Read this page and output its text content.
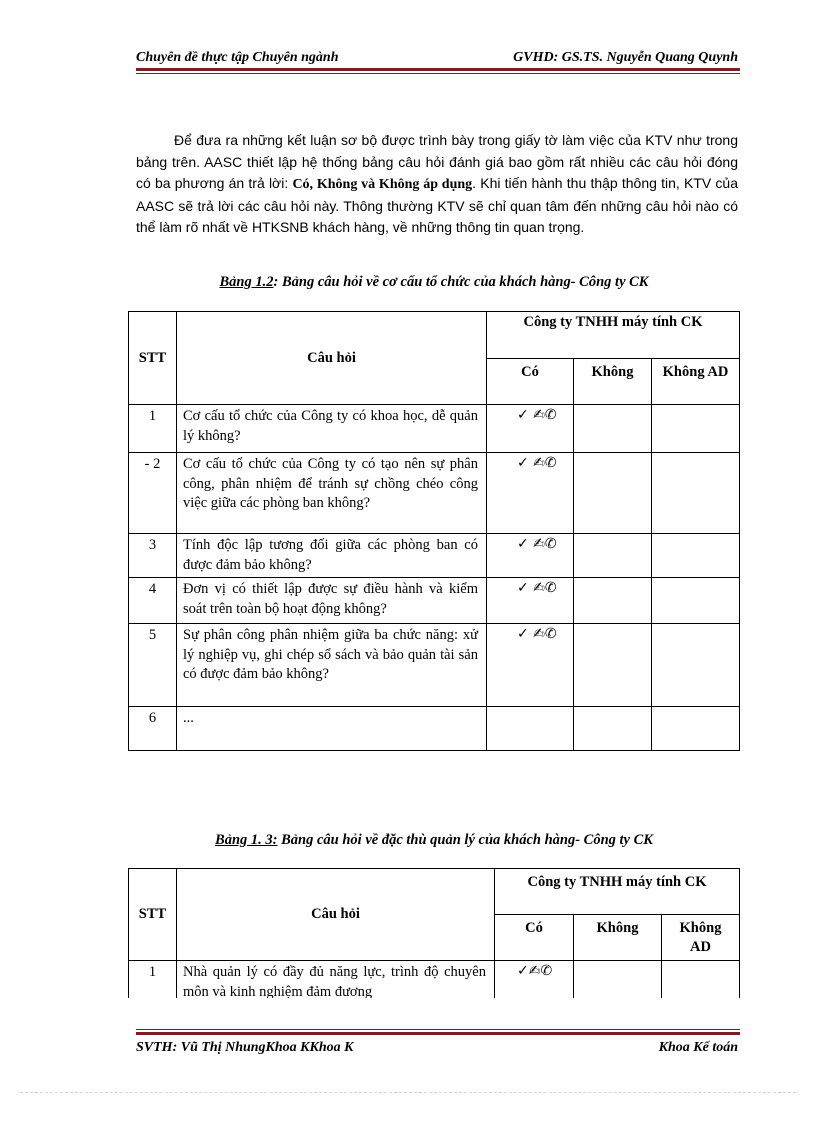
Chuyên đề thực tập Chuyên ngành	GVHD: GS.TS. Nguyễn Quang Quynh

Để đưa ra những kết luận sơ bộ được trình bày trong giấy tờ làm việc của KTV như trong bảng trên. AASC thiết lập hệ thống bảng câu hỏi đánh giá bao gồm rất nhiều các câu hỏi đóng có ba phương án trả lời: Có, Không và Không áp dụng. Khi tiến hành thu thập thông tin, KTV của AASC sẽ trả lời các câu hỏi này. Thông thường KTV sẽ chỉ quan tâm đến những câu hỏi nào có thể làm rõ nhất về HTKSNB khách hàng, về những thông tin quan trọng.

Bảng 1.2: Bảng câu hỏi về cơ cấu tổ chức của khách hàng- Công ty CK
STT	Câu hỏi	Công ty TNHH máy tính CK		
		Có	Không	Không AD
1	Cơ cấu tổ chức của Công ty có khoa học, dễ quản lý không?	✓ ✍︎✆		
- 2	Cơ cấu tổ chức của Công ty có tạo nên sự phân công, phân nhiệm để tránh sự chồng chéo công việc giữa các phòng ban không?	✓ ✍︎✆		
3	Tính độc lập tương đối giữa các phòng ban có được đảm bảo không?	✓ ✍︎✆		
4	Đơn vị có thiết lập được sự điều hành và kiểm soát trên toàn bộ hoạt động không?	✓ ✍︎✆		
5	Sự phân công phân nhiệm giữa ba chức năng: xử lý nghiệp vụ, ghi chép sổ sách và bảo quản tài sản có được đảm bảo không?	✓ ✍︎✆		
6	...			
Bảng 1. 3: Bảng câu hỏi về đặc thù quản lý của khách hàng- Công ty CK
STT	Câu hỏi	Công ty TNHH máy tính CK		
		Có	Không	Không AD
1	Nhà quản lý có đầy đủ năng lực, trình độ chuyên môn và kinh nghiệm đảm đương	✓✍︎✆		
SVTH: Vũ Thị NhungKhoa KKhoa K	Khoa Kế toán
